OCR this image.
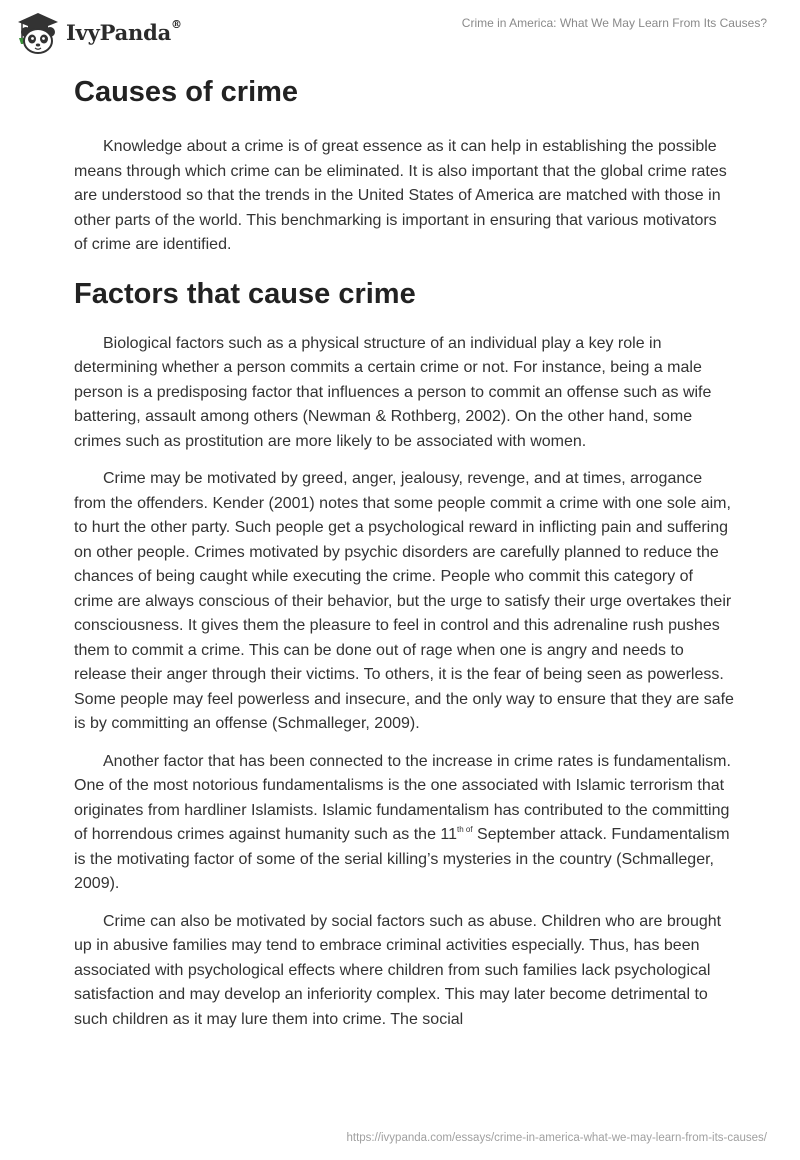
IvyPanda®	Crime in America: What We May Learn From Its Causes?
Causes of crime

Knowledge about a crime is of great essence as it can help in establishing the possible means through which crime can be eliminated. It is also important that the global crime rates are understood so that the trends in the United States of America are matched with those in other parts of the world. This benchmarking is important in ensuring that various motivators of crime are identified.

Factors that cause crime

Biological factors such as a physical structure of an individual play a key role in determining whether a person commits a certain crime or not. For instance, being a male person is a predisposing factor that influences a person to commit an offense such as wife battering, assault among others (Newman & Rothberg, 2002). On the other hand, some crimes such as prostitution are more likely to be associated with women.

Crime may be motivated by greed, anger, jealousy, revenge, and at times, arrogance from the offenders. Kender (2001) notes that some people commit a crime with one sole aim, to hurt the other party. Such people get a psychological reward in inflicting pain and suffering on other people. Crimes motivated by psychic disorders are carefully planned to reduce the chances of being caught while executing the crime. People who commit this category of crime are always conscious of their behavior, but the urge to satisfy their urge overtakes their consciousness. It gives them the pleasure to feel in control and this adrenaline rush pushes them to commit a crime. This can be done out of rage when one is angry and needs to release their anger through their victims. To others, it is the fear of being seen as powerless. Some people may feel powerless and insecure, and the only way to ensure that they are safe is by committing an offense (Schmalleger, 2009).

Another factor that has been connected to the increase in crime rates is fundamentalism. One of the most notorious fundamentalisms is the one associated with Islamic terrorism that originates from hardliner Islamists. Islamic fundamentalism has contributed to the committing of horrendous crimes against humanity such as the $11^{th of}$ September attack. Fundamentalism is the motivating factor of some of the serial killing’s mysteries in the country (Schmalleger, 2009).

Crime can also be motivated by social factors such as abuse. Children who are brought up in abusive families may tend to embrace criminal activities especially. Thus, has been associated with psychological effects where children from such families lack psychological satisfaction and may develop an inferiority complex. This may later become detrimental to such children as it may lure them into crime. The social

https://ivypanda.com/essays/crime-in-america-what-we-may-learn-from-its-causes/
